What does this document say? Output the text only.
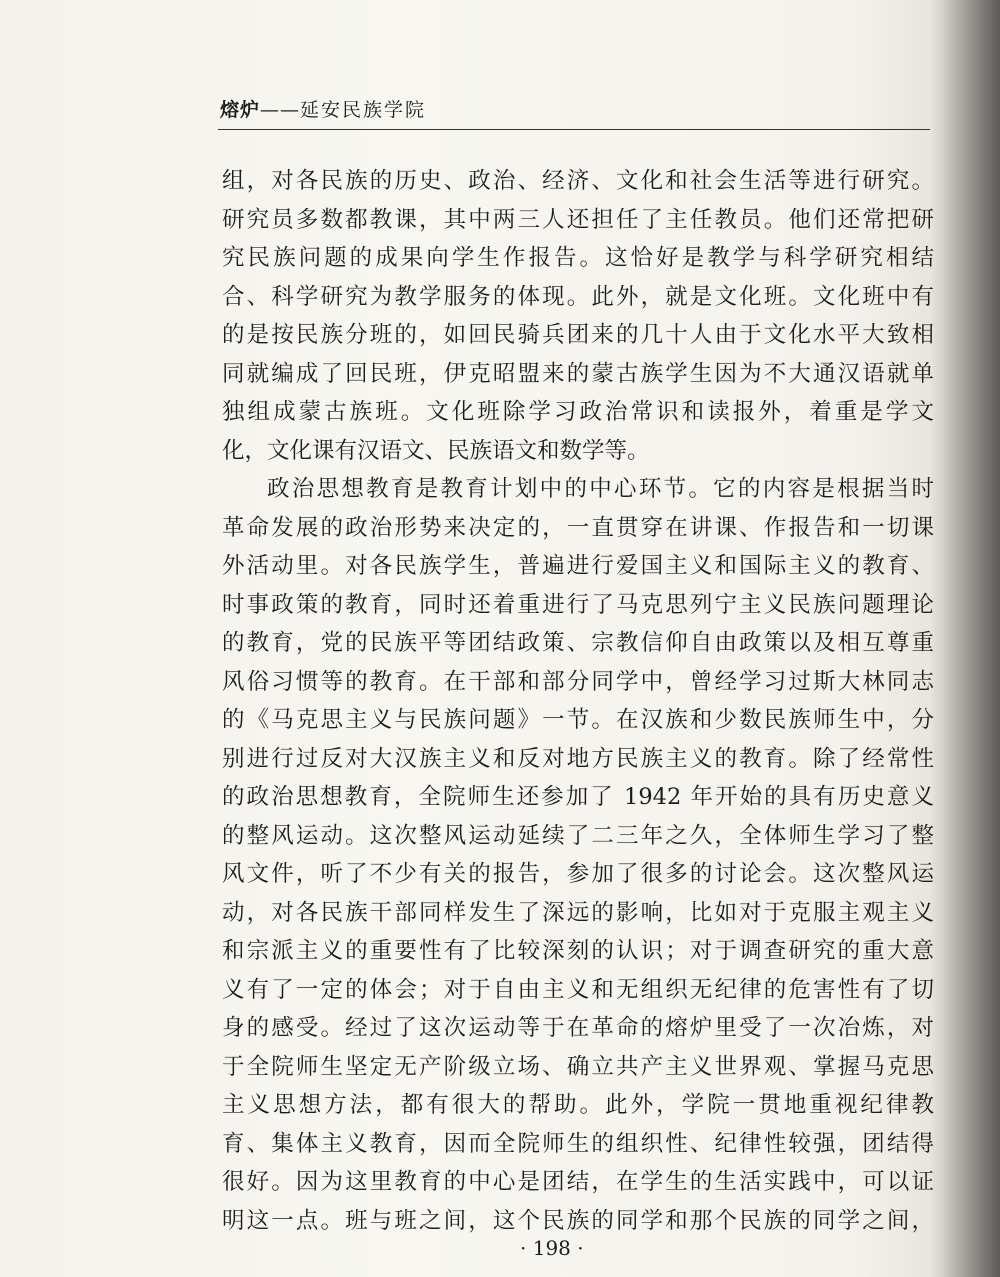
熔炉——延安民族学院

组，对各民族的历史、政治、经济、文化和社会生活等进行研究。

研究员多数都教课，其中两三人还担任了主任教员。他们还常把研

究民族问题的成果向学生作报告。这恰好是教学与科学研究相结

合、科学研究为教学服务的体现。此外，就是文化班。文化班中有

的是按民族分班的，如回民骑兵团来的几十人由于文化水平大致相

同就编成了回民班，伊克昭盟来的蒙古族学生因为不大通汉语就单

独组成蒙古族班。文化班除学习政治常识和读报外，着重是学文

化，文化课有汉语文、民族语文和数学等。

政治思想教育是教育计划中的中心环节。它的内容是根据当时

革命发展的政治形势来决定的，一直贯穿在讲课、作报告和一切课

外活动里。对各民族学生，普遍进行爱国主义和国际主义的教育、

时事政策的教育，同时还着重进行了马克思列宁主义民族问题理论

的教育，党的民族平等团结政策、宗教信仰自由政策以及相互尊重

风俗习惯等的教育。在干部和部分同学中，曾经学习过斯大林同志

的《马克思主义与民族问题》一节。在汉族和少数民族师生中，分

别进行过反对大汉族主义和反对地方民族主义的教育。除了经常性

的政治思想教育，全院师生还参加了 1942 年开始的具有历史意义

的整风运动。这次整风运动延续了二三年之久，全体师生学习了整

风文件，听了不少有关的报告，参加了很多的讨论会。这次整风运

动，对各民族干部同样发生了深远的影响，比如对于克服主观主义

和宗派主义的重要性有了比较深刻的认识；对于调查研究的重大意

义有了一定的体会；对于自由主义和无组织无纪律的危害性有了切

身的感受。经过了这次运动等于在革命的熔炉里受了一次冶炼，对

于全院师生坚定无产阶级立场、确立共产主义世界观、掌握马克思

主义思想方法，都有很大的帮助。此外，学院一贯地重视纪律教

育、集体主义教育，因而全院师生的组织性、纪律性较强，团结得

很好。因为这里教育的中心是团结，在学生的生活实践中，可以证

明这一点。班与班之间，这个民族的同学和那个民族的同学之间，

· 198 ·
